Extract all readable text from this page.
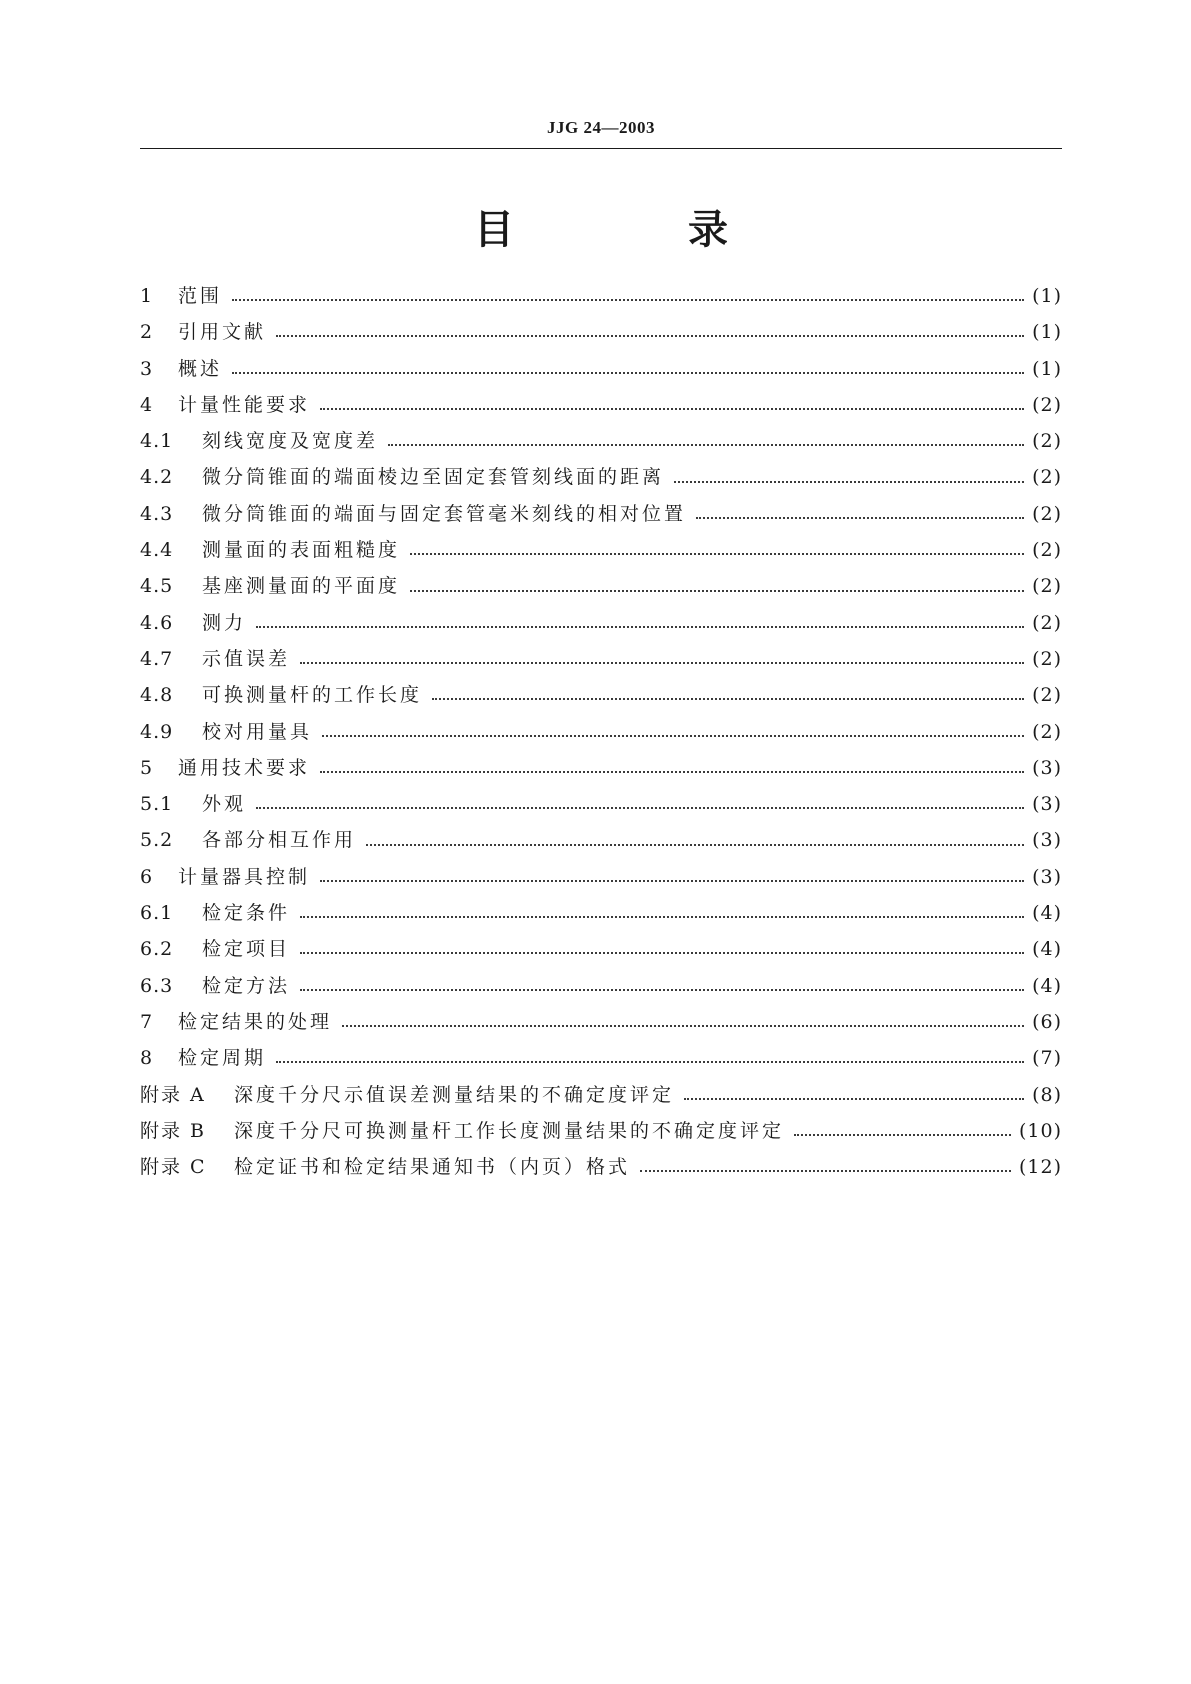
JJG 24—2003
目 录
1	范围	(1)
2	引用文献	(1)
3	概述	(1)
4	计量性能要求	(2)
4.1	刻线宽度及宽度差	(2)
4.2	微分筒锥面的端面棱边至固定套管刻线面的距离	(2)
4.3	微分筒锥面的端面与固定套管毫米刻线的相对位置	(2)
4.4	测量面的表面粗糙度	(2)
4.5	基座测量面的平面度	(2)
4.6	测力	(2)
4.7	示值误差	(2)
4.8	可换测量杆的工作长度	(2)
4.9	校对用量具	(2)
5	通用技术要求	(3)
5.1	外观	(3)
5.2	各部分相互作用	(3)
6	计量器具控制	(3)
6.1	检定条件	(4)
6.2	检定项目	(4)
6.3	检定方法	(4)
7	检定结果的处理	(6)
8	检定周期	(7)
附录 A	深度千分尺示值误差测量结果的不确定度评定	(8)
附录 B	深度千分尺可换测量杆工作长度测量结果的不确定度评定	(10)
附录 C	检定证书和检定结果通知书（内页）格式	(12)
